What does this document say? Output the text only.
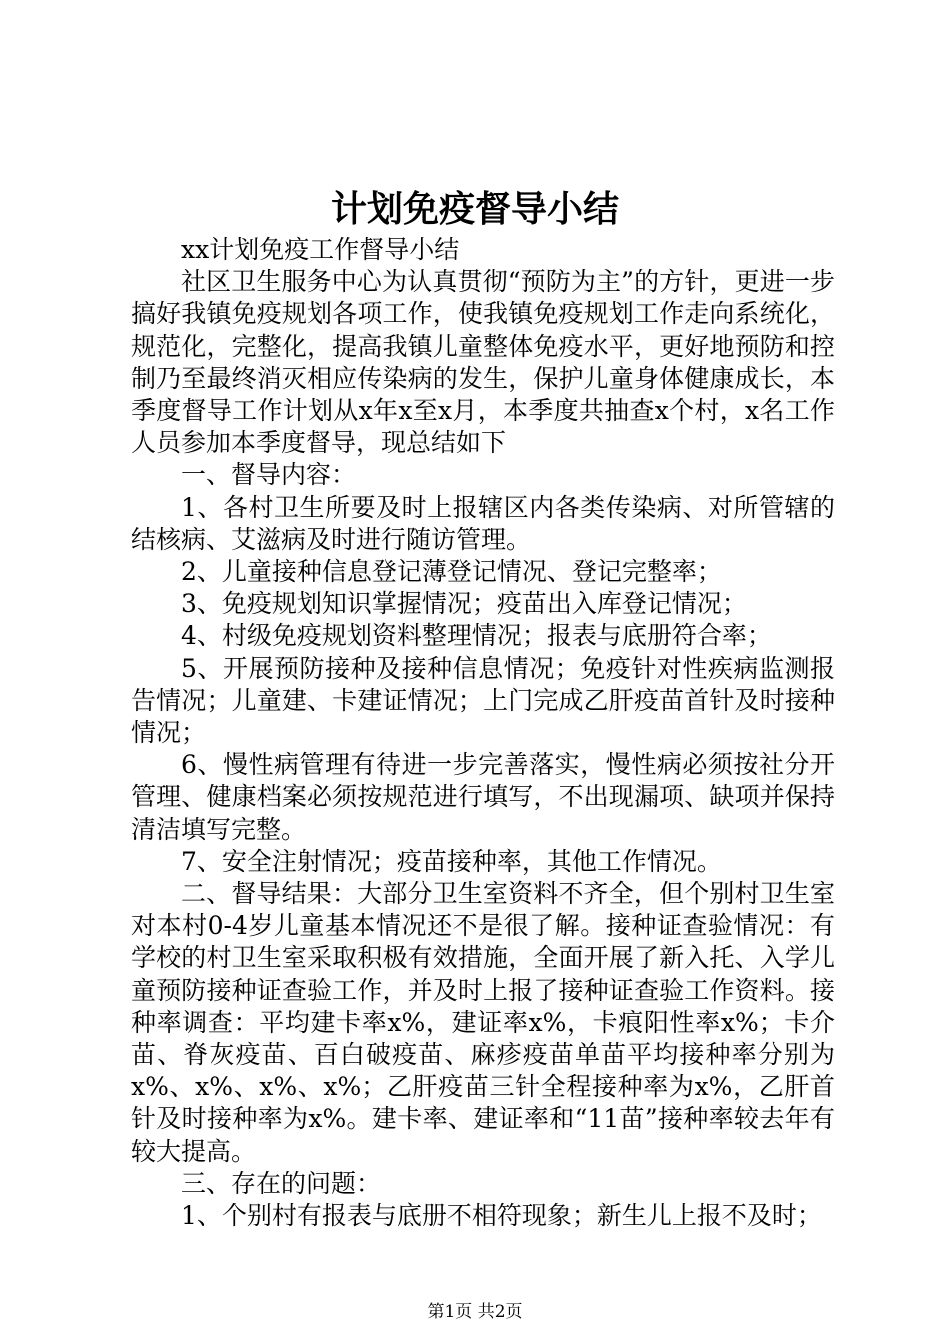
计划免疫督导小结

xx计划免疫工作督导小结

社区卫生服务中心为认真贯彻“预防为主”的方针，更进一步搞好我镇免疫规划各项工作，使我镇免疫规划工作走向系统化，规范化，完整化，提高我镇儿童整体免疫水平，更好地预防和控制乃至最终消灭相应传染病的发生，保护儿童身体健康成长，本季度督导工作计划从x年x至x月，本季度共抽查x个村，x名工作人员参加本季度督导，现总结如下

一、督导内容：

1、各村卫生所要及时上报辖区内各类传染病、对所管辖的结核病、艾滋病及时进行随访管理。

2、儿童接种信息登记薄登记情况、登记完整率；

3、免疫规划知识掌握情况；疫苗出入库登记情况；

4、村级免疫规划资料整理情况；报表与底册符合率；

5、开展预防接种及接种信息情况；免疫针对性疾病监测报告情况；儿童建、卡建证情况；上门完成乙肝疫苗首针及时接种情况；

6、慢性病管理有待进一步完善落实，慢性病必须按社分开管理、健康档案必须按规范进行填写，不出现漏项、缺项并保持清洁填写完整。

7、安全注射情况；疫苗接种率，其他工作情况。

二、督导结果：大部分卫生室资料不齐全，但个别村卫生室对本村0-4岁儿童基本情况还不是很了解。接种证查验情况：有学校的村卫生室采取积极有效措施，全面开展了新入托、入学儿童预防接种证查验工作，并及时上报了接种证查验工作资料。接种率调查：平均建卡率x%，建证率x%，卡痕阳性率x%；卡介苗、脊灰疫苗、百白破疫苗、麻疹疫苗单苗平均接种率分别为x%、x%、x%、x%；乙肝疫苗三针全程接种率为x%，乙肝首针及时接种率为x%。建卡率、建证率和“11苗”接种率较去年有较大提高。

三、存在的问题：

1、个别村有报表与底册不相符现象；新生儿上报不及时；

第1页 共2页
